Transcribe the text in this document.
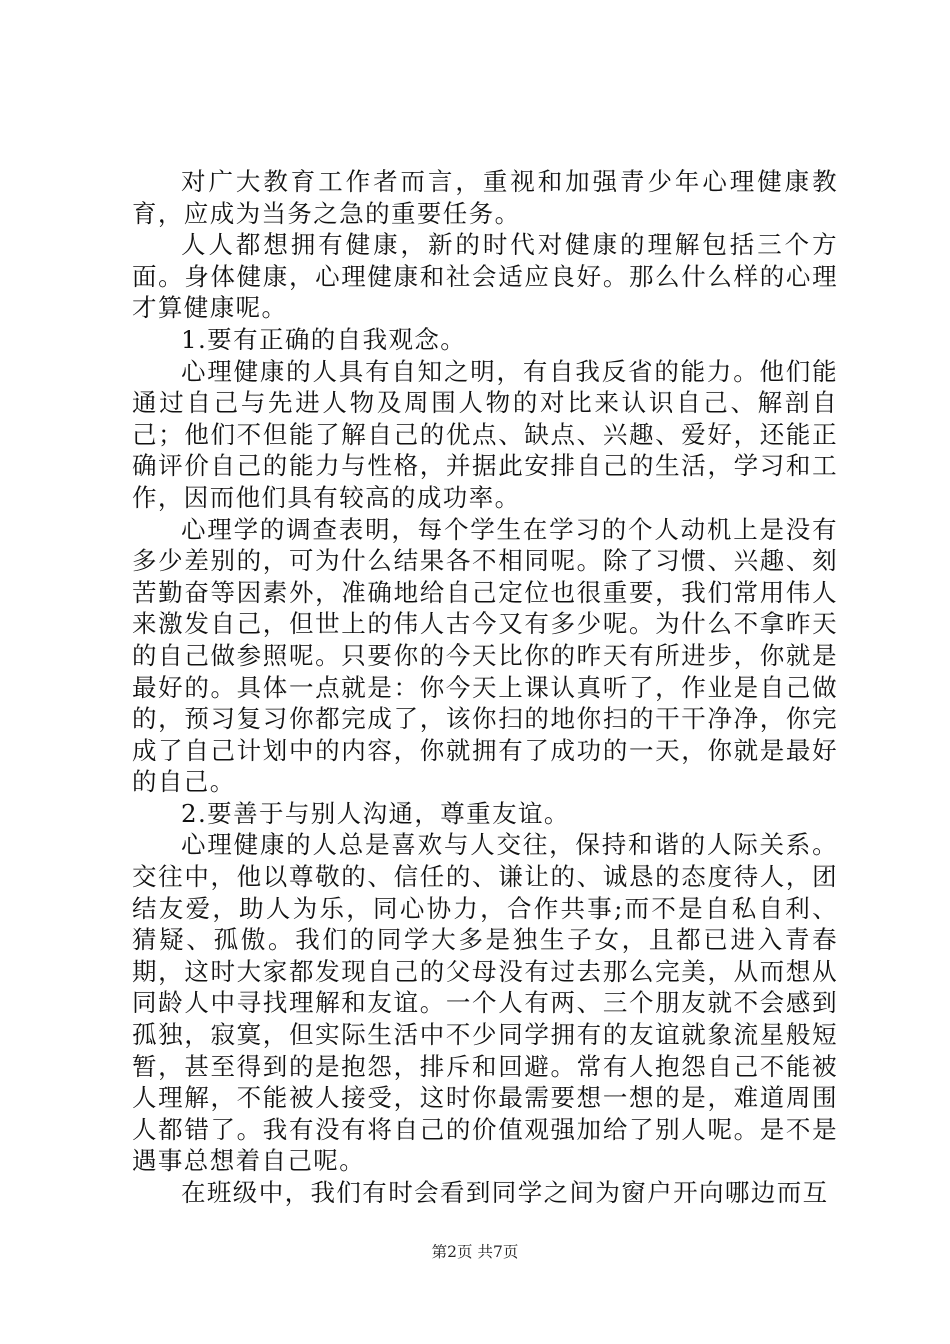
对广大教育工作者而言，重视和加强青少年心理健康教育，应成为当务之急的重要任务。

人人都想拥有健康，新的时代对健康的理解包括三个方面。身体健康，心理健康和社会适应良好。那么什么样的心理才算健康呢。

1.要有正确的自我观念。

心理健康的人具有自知之明，有自我反省的能力。他们能通过自己与先进人物及周围人物的对比来认识自己、解剖自己；他们不但能了解自己的优点、缺点、兴趣、爱好，还能正确评价自己的能力与性格，并据此安排自己的生活，学习和工作，因而他们具有较高的成功率。

心理学的调查表明，每个学生在学习的个人动机上是没有多少差别的，可为什么结果各不相同呢。除了习惯、兴趣、刻苦勤奋等因素外，准确地给自己定位也很重要，我们常用伟人来激发自己，但世上的伟人古今又有多少呢。为什么不拿昨天的自己做参照呢。只要你的今天比你的昨天有所进步，你就是最好的。具体一点就是：你今天上课认真听了，作业是自己做的，预习复习你都完成了，该你扫的地你扫的干干净净，你完成了自己计划中的内容，你就拥有了成功的一天，你就是最好的自己。

2.要善于与别人沟通，尊重友谊。

心理健康的人总是喜欢与人交往，保持和谐的人际关系。交往中，他以尊敬的、信任的、谦让的、诚恳的态度待人，团结友爱，助人为乐，同心协力，合作共事;而不是自私自利、猜疑、孤傲。我们的同学大多是独生子女，且都已进入青春期，这时大家都发现自己的父母没有过去那么完美，从而想从同龄人中寻找理解和友谊。一个人有两、三个朋友就不会感到孤独，寂寞，但实际生活中不少同学拥有的友谊就象流星般短暂，甚至得到的是抱怨，排斥和回避。常有人抱怨自己不能被人理解，不能被人接受，这时你最需要想一想的是，难道周围人都错了。我有没有将自己的价值观强加给了别人呢。是不是遇事总想着自己呢。

在班级中，我们有时会看到同学之间为窗户开向哪边而互

第2页 共7页
